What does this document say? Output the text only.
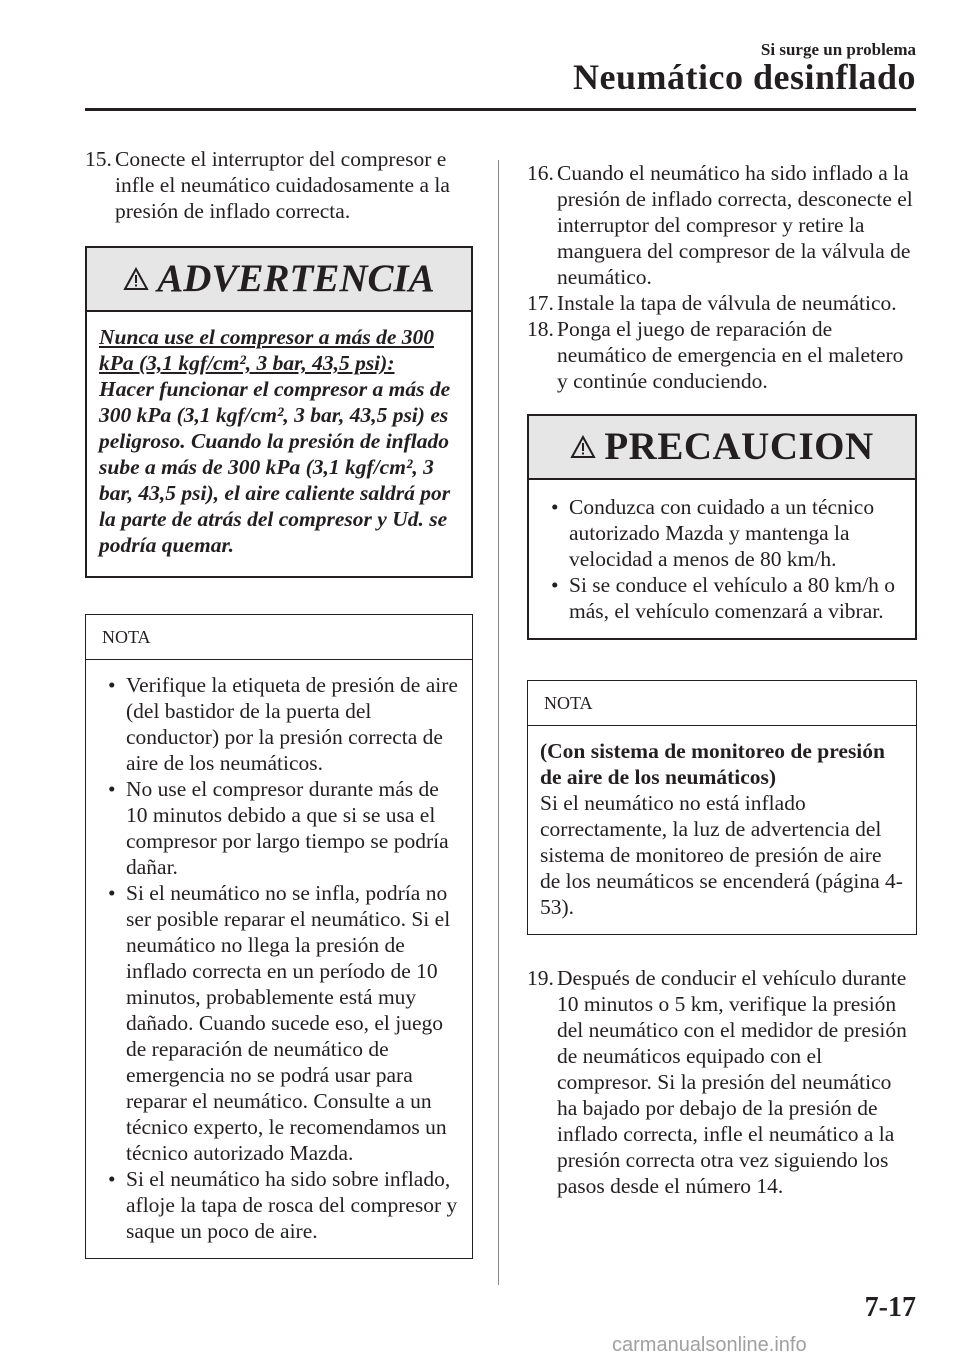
Si surge un problema
Neumático desinflado

15. Conecte el interruptor del compresor e infle el neumático cuidadosamente a la presión de inflado correcta.

ADVERTENCIA
Nunca use el compresor a más de 300 kPa (3,1 kgf/cm², 3 bar, 43,5 psi):
Hacer funcionar el compresor a más de 300 kPa (3,1 kgf/cm², 3 bar, 43,5 psi) es peligroso. Cuando la presión de inflado sube a más de 300 kPa (3,1 kgf/cm², 3 bar, 43,5 psi), el aire caliente saldrá por la parte de atrás del compresor y Ud. se podría quemar.
NOTA
• Verifique la etiqueta de presión de aire (del bastidor de la puerta del conductor) por la presión correcta de aire de los neumáticos.
• No use el compresor durante más de 10 minutos debido a que si se usa el compresor por largo tiempo se podría dañar.
• Si el neumático no se infla, podría no ser posible reparar el neumático. Si el neumático no llega la presión de inflado correcta en un período de 10 minutos, probablemente está muy dañado. Cuando sucede eso, el juego de reparación de neumático de emergencia no se podrá usar para reparar el neumático. Consulte a un técnico experto, le recomendamos un técnico autorizado Mazda.
• Si el neumático ha sido sobre inflado, afloje la tapa de rosca del compresor y saque un poco de aire.

16. Cuando el neumático ha sido inflado a la presión de inflado correcta, desconecte el interruptor del compresor y retire la manguera del compresor de la válvula de neumático.

17. Instale la tapa de válvula de neumático.

18. Ponga el juego de reparación de neumático de emergencia en el maletero y continúe conduciendo.

PRECAUCION
• Conduzca con cuidado a un técnico autorizado Mazda y mantenga la velocidad a menos de 80 km/h.
• Si se conduce el vehículo a 80 km/h o más, el vehículo comenzará a vibrar.
NOTA
(Con sistema de monitoreo de presión de aire de los neumáticos)
Si el neumático no está inflado correctamente, la luz de advertencia del sistema de monitoreo de presión de aire de los neumáticos se encenderá (página 4-53).

19. Después de conducir el vehículo durante 10 minutos o 5 km, verifique la presión del neumático con el medidor de presión de neumáticos equipado con el compresor. Si la presión del neumático ha bajado por debajo de la presión de inflado correcta, infle el neumático a la presión correcta otra vez siguiendo los pasos desde el número 14.

7-17
carmanualsonline.info
